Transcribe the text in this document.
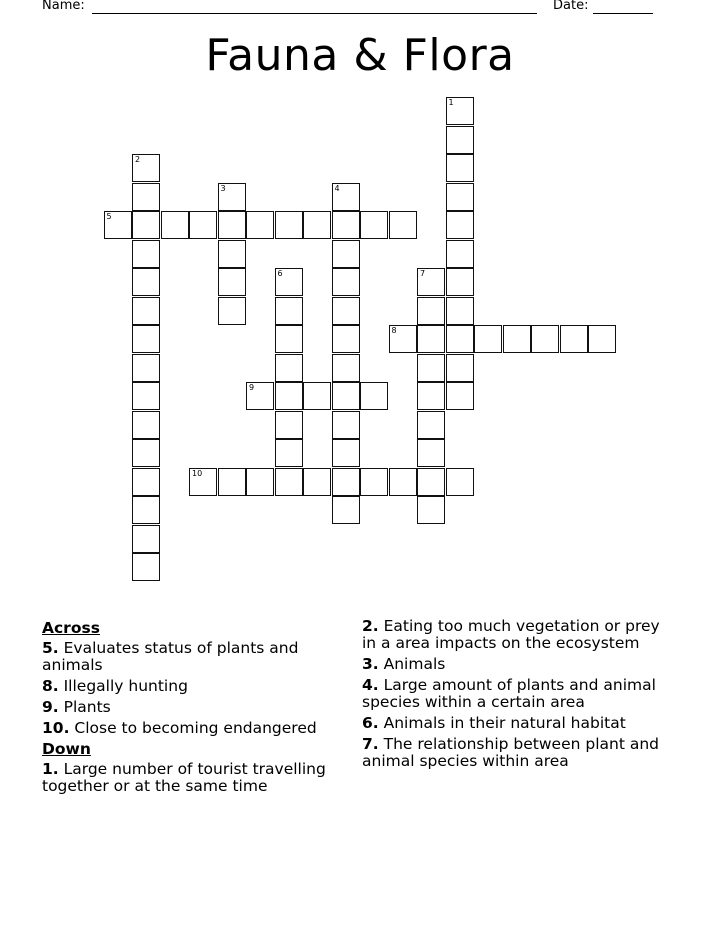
Name:	Date:
Fauna & Flora
1
2
3	4
5
6	7
8
9
10
Across
5. Evaluates status of plants and animals
8. Illegally hunting
9. Plants
10. Close to becoming endangered
Down
1. Large number of tourist travelling together or at the same time
2. Eating too much vegetation or prey in a area impacts on the ecosystem
3. Animals
4. Large amount of plants and animal species within a certain area
6. Animals in their natural habitat
7. The relationship between plant and animal species within area
